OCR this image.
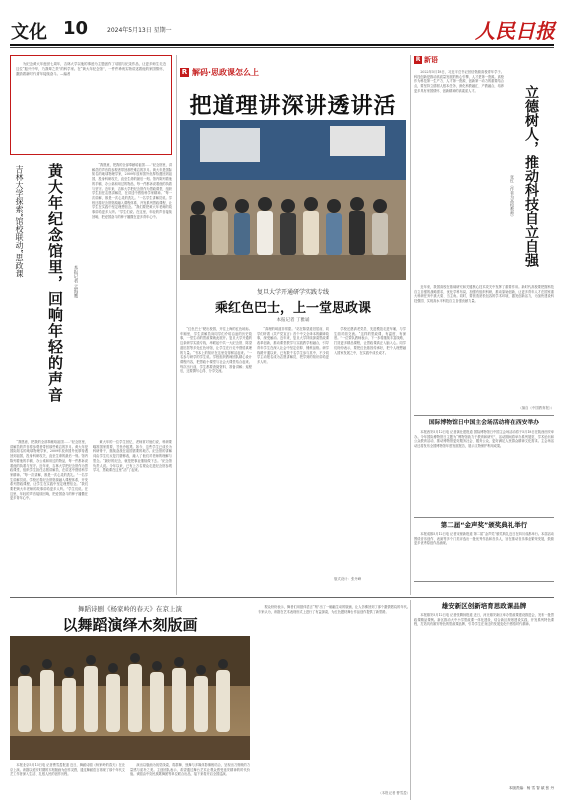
文化 10	2024年5月13日 星期一	人民日报
为纪念黄大年逝世七周年，吉林大学以他的事迹为主题创作了话剧与纪录作品，让更多师生走近这位“振兴中华，乃我辈之责”的科学家。在“黄大年纪念馆”，一件件珍贵实物讲述着他的家国情怀，激励着新时代青年接续奋斗。—编者
黄大年纪念馆里，回响年轻的声音
吉林大学探索“馆校联动”思政课
本报记者 孟海鹰
“我愿意，把我的全部奉献给祖国……”纪念馆里，讲解员的声音将参观者带回那些难忘的岁月。黄大年是国际知名的地球物理学家，2009年放弃国外优厚待遇回到祖国，投身科研攻关，直至生命的最后一刻。馆内陈列着他的手稿、办公桌和用过的物品，每一件都诉说着他的执着与坚守。近年来，吉林大学把纪念馆作为思政课堂，组织学生担任志愿讲解员，在讲述中感悟科学家精神。“每一次讲解，都是一次心灵的洗礼。”一名学生讲解员说。学校还将纪念馆资源融入课程体系，开发系列思政课程，让学生在实践中坚定理想信念。“我们要把黄大年老师的故事讲给更多人听。”学生们说。在这里，年轻的声音接续回响，把爱国奋斗的种子播撒在更多青年心中。
“我愿意，把我的全部奉献给祖国……”纪念馆里，讲解员的声音将参观者带回那些难忘的岁月。黄大年是国际知名的地球物理学家，2009年放弃国外优厚待遇回到祖国，投身科研攻关，直至生命的最后一刻。馆内陈列着他的手稿、办公桌和用过的物品，每一件都诉说着他的执着与坚守。近年来，吉林大学把纪念馆作为思政课堂，组织学生担任志愿讲解员，在讲述中感悟科学家精神。“每一次讲解，都是一次心灵的洗礼。”一名学生讲解员说。学校还将纪念馆资源融入课程体系，开发系列思政课程，让学生在实践中坚定理想信念。“我们要把黄大年老师的故事讲给更多人听。”学生们说。在这里，年轻的声音接续回响，把爱国奋斗的种子播撒在更多青年心中。
黄大年的一位学生回忆，老师常对他们说，科研要瞄准国家需要，甘坐冷板凳。如今，这些学生已成长为科研骨干，继续奋战在祖国需要的地方。纪念馆的讲解词由学生们反复打磨修改，融入了他们对老师的理解与思念。“最好的纪念，就是把事业继续做下去。”纪念馆负责人说。今年以来，已有上万名观众走进纪念馆参观学习，思政课在这里“活”了起来。
R 解码·思政课怎么上
把道理讲深讲透讲活
复旦大学开通研学实践专线
乘红色巴士，上一堂思政课
本报记者 丁雅诵
“红色巴士”驶出校园，开往上海的红色地标。车厢里，学生讲解员向同学们介绍沿途的历史故事，一堂生动的思政课就此展开。复旦大学开通的这条研学实践专线，串联起中共一大纪念馆、陈望道旧居等多处红色场馆，让学生在行走中感悟真理的力量。“书本上的知识在这里变得鲜活起来。”一名参与研学的学生说。学校组织教师团队精心设计课程内容，把思政小课堂与社会大课堂结合起来。每次出行前，学生都要查阅资料、准备讲解；返程后，还要撰写心得、分享交流。
“真理的味道非常甜。”站在陈望道旧居前，同学们听着《共产党宣言》首个中文全译本的翻译故事，深受触动。近年来，复旦大学持续探索思政课改革创新，推动课堂教学与实践教学相融合，引导青年学生在深入社会中坚定信仰、锤炼品格。研学线路开通以来，已有数千名学生参与其中，不少同学主动报名成为志愿讲解员，把学到的知识讲给更多人听。
学校还邀请老党员、先进模范走进车厢，与学生面对面交流。“这样的思政课，有温度、有深度。”一位带队教师表示，下一步将继续丰富线路，打造更多精品课程，让思政课真正入脑入心。同学们纷纷表示，要把红色基因传承好，把个人理想融入国家发展之中，在实践中成长成才。
版式设计：张丹峰
R 新语
2022年5月18日，习近平总书记回信勉励高校青年学子。科技创新是推动高质量发展的核心引擎，人才是第一资源。高校作为科技第一生产力、人才第一资源、创新第一动力的重要结合点，要坚持立德树人根本任务，深化科教融汇、产教融合，培养更多具有家国情怀、创新精神的高素质人才。	立德树人，推动科技自立自强
张红（作者为高校教师）
近年来，我国高校在基础研究和关键核心技术攻关中发挥了重要作用。新时代高校要把握科技自立自强的战略需求，优化学科布局，加强有组织科研，推动原始创新，让更多青年人才在国家重大科研任务中挑大梁、当主角。同时，要营造宽松包容的学术环境，激发创新活力，为加快建设科技强国、实现高水平科技自立自强贡献力量。
（摘自《中国教育报》）
国际博物馆日中国主会场活动将在西安举办
本报西安5月12日电 记者龚仕建报道 国际博物馆日中国主会场活动将于5月18日在陕西西安举办。今年国际博物馆日主题为“博物馆致力于教育和研究”，活动期间将举办系列展览、学术论坛和公众教育活动，推动博物馆更好服务社会、服务公众，更好满足人民群众精神文化需求。主会场活动还将发布全国博物馆年度发展报告，展示文物保护利用成果。
第二届“金声奖”颁奖典礼举行
本报成都5月12日电 记者宋豪新报道 第二届“金声奖”颁奖典礼近日在四川成都举行。本届活动围绕音乐创作、表演等多个门类评选出一批优秀作品和音乐人，旨在推动音乐事业繁荣发展，鼓励更多优秀原创作品涌现。
舞蹈诗剧《杨家岭的春天》在京上演
以舞蹈演绎木刻版画
本报北京5月13日电 记者曹雪盈报道 近日，舞蹈诗剧《杨家岭的春天》在北京上演。该剧以延安时期的木刻版画为创作灵感，通过舞蹈语言再现了那个年代文艺工作者深入生活、扎根人民的创作历程。
演出以版画为视觉线索，将群舞、独舞与多媒体影像相结合，呈现出刀刻般的力量感与质朴之美。主创团队表示，希望通过舞台艺术让观众感受延安精神的时代价值。该剧由中央民族歌舞团等单位联合出品，接下来将开启全国巡演。
观众纷纷表示，舞者们用肢体语言“刻”出了一幅幅生动的版画，让人仿佛回到了那个激情燃烧的年代。专家认为，该剧在艺术表现形式上进行了有益探索，为红色题材舞台作品创作提供了新思路。
（本报记者 曹雪盈）
雄安新区创新培育思政课品牌
本报雄安5月12日电 记者张腾扬报道 近日，河北雄安新区举办思政课建设推进会，发布一批思政课精品课例。新区推动大中小学思政课一体化建设，结合新区规划建设实践，开发系列特色课程，打造具有雄安特色的思政课品牌，引导学生在身边的发展变化中感悟时代精神。
本版责编：杨 雪 智 斌 张 丹
